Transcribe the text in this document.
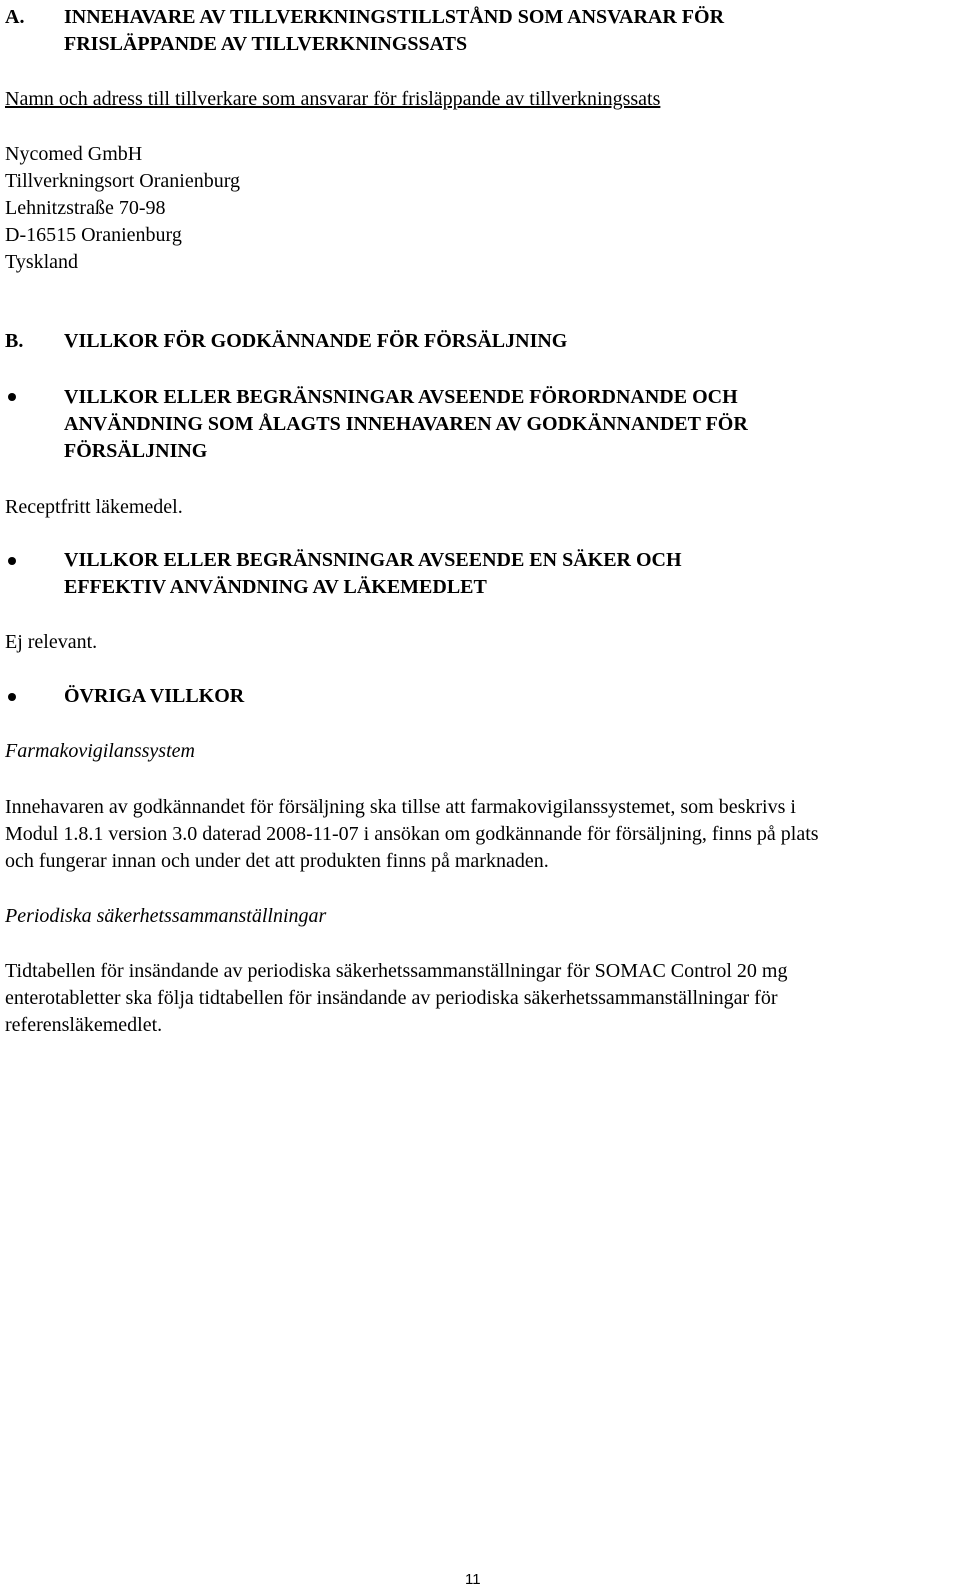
A. INNEHAVARE AV TILLVERKNINGSTILLSTÅND SOM ANSVARAR FÖR
FRISLÄPPANDE AV TILLVERKNINGSSATS
Namn och adress till tillverkare som ansvarar för frisläppande av tillverkningssats
Nycomed GmbH
Tillverkningsort Oranienburg
Lehnitzstraße 70-98
D-16515 Oranienburg
Tyskland
B. VILLKOR FÖR GODKÄNNANDE FÖR FÖRSÄLJNING
VILLKOR ELLER BEGRÄNSNINGAR AVSEENDE FÖRORDNANDE OCH
ANVÄNDNING SOM ÅLAGTS INNEHAVAREN AV GODKÄNNANDET FÖR
FÖRSÄLJNING
Receptfritt läkemedel.
VILLKOR ELLER BEGRÄNSNINGAR AVSEENDE EN SÄKER OCH
EFFEKTIV ANVÄNDNING AV LÄKEMEDLET
Ej relevant.
ÖVRIGA VILLKOR
Farmakovigilanssystem
Innehavaren av godkännandet för försäljning ska tillse att farmakovigilanssystemet, som beskrivs i
Modul 1.8.1 version 3.0 daterad 2008-11-07 i ansökan om godkännande för försäljning, finns på plats
och fungerar innan och under det att produkten finns på marknaden.
Periodiska säkerhetssammanställningar
Tidtabellen för insändande av periodiska säkerhetssammanställningar för SOMAC Control 20 mg
enterotabletter ska följa tidtabellen för insändande av periodiska säkerhetssammanställningar för
referensläkemedlet.
11
